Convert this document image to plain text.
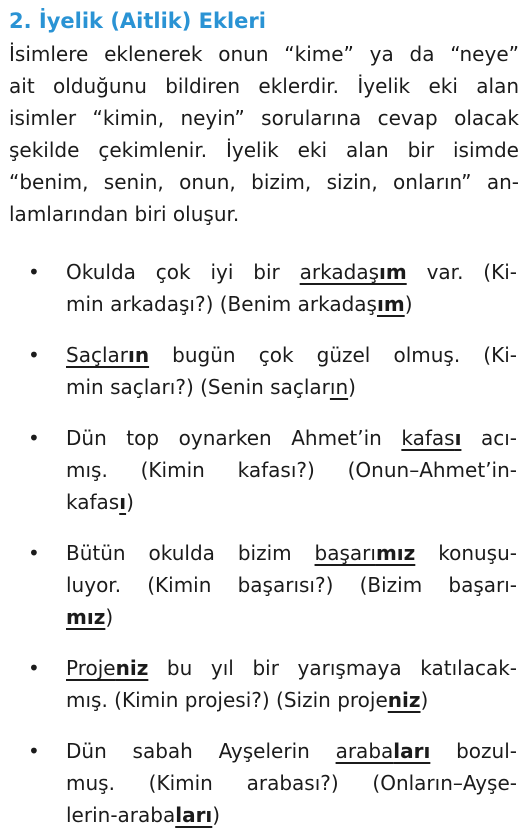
2. İyelik (Aitlik) Ekleri
İsimlere eklenerek onun “kime” ya da “neye”
ait olduğunu bildiren eklerdir. İyelik eki alan
isimler “kimin, neyin” sorularına cevap olacak
şekilde çekimlenir. İyelik eki alan bir isimde
“benim, senin, onun, bizim, sizin, onların” an-
lamlarından biri oluşur.
•	Okulda çok iyi bir arkadaşım var. (Ki-
min arkadaşı?) (Benim arkadaşım)
•	Saçların bugün çok güzel olmuş. (Ki-
min saçları?) (Senin saçların)
•	Dün top oynarken Ahmet’in kafası acı-
mış. (Kimin kafası?) (Onun–Ahmet’in-
kafası)
•	Bütün okulda bizim başarımız konuşu-
luyor. (Kimin başarısı?) (Bizim başarı-
mız)
•	Projeniz bu yıl bir yarışmaya katılacak-
mış. (Kimin projesi?) (Sizin projeniz)
•	Dün sabah Ayşelerin arabaları bozul-
muş. (Kimin arabası?) (Onların–Ayşe-
lerin-arabaları)
